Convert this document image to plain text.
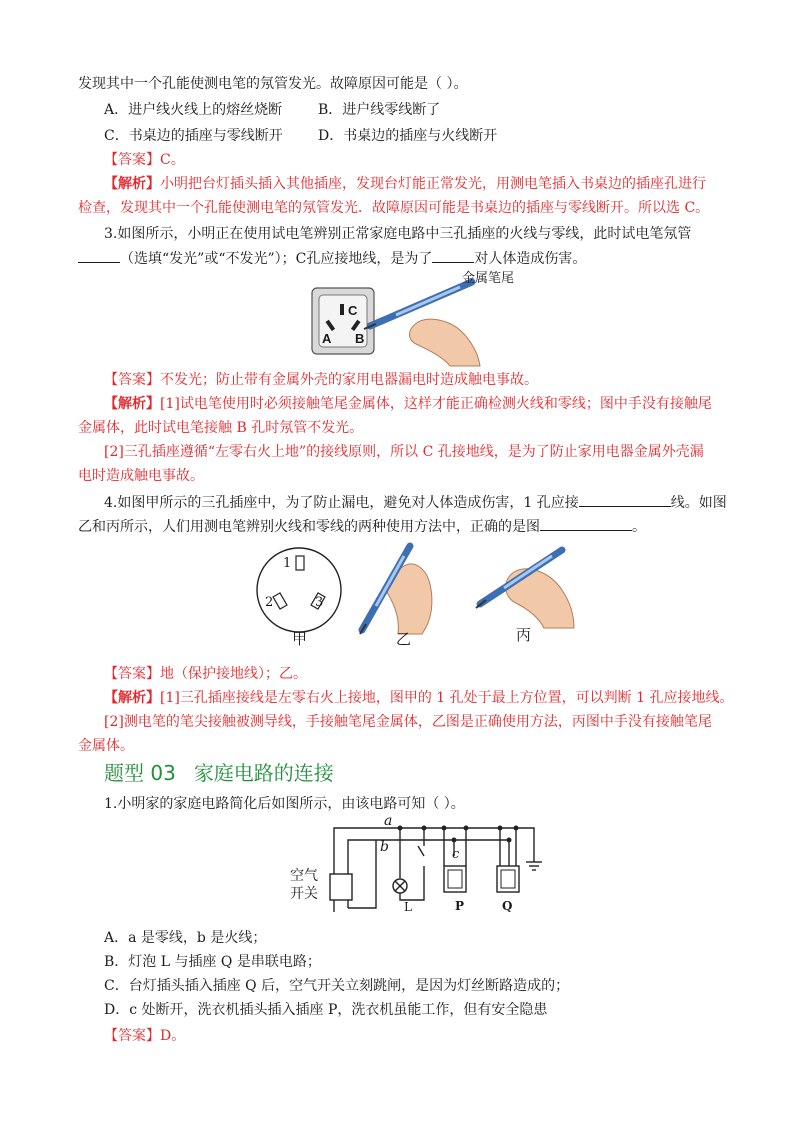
发现其中一个孔能使测电笔的氖管发光。故障原因可能是（ ）。
A．进户线火线上的熔丝烧断	B．进户线零线断了
C．书桌边的插座与零线断开	D．书桌边的插座与火线断开
【答案】C。
【解析】小明把台灯插头插入其他插座，发现台灯能正常发光，用测电笔插入书桌边的插座孔进行
检查，发现其中一个孔能使测电笔的氖管发光．故障原因可能是书桌边的插座与零线断开。所以选 C。
3.如图所示，小明正在使用试电笔辨别正常家庭电路中三孔插座的火线与零线，此时试电笔氖管
（选填“发光”或“不发光”）；C孔应接地线，是为了	对人体造成伤害。
金属笔尾
C
A B
【答案】不发光；防止带有金属外壳的家用电器漏电时造成触电事故。
【解析】[1]试电笔使用时必须接触笔尾金属体，这样才能正确检测火线和零线；图中手没有接触尾
金属体，此时试电笔接触 B 孔时氖管不发光。
[2]三孔插座遵循“左零右火上地”的接线原则，所以 C 孔接地线，是为了防止家用电器金属外壳漏
电时造成触电事故。
4.如图甲所示的三孔插座中，为了防止漏电，避免对人体造成伤害，1 孔应接	线。如图
乙和丙所示，人们用测电笔辨别火线和零线的两种使用方法中，正确的是图	。
1
2	3
甲	乙	丙
【答案】地（保护接地线）；乙。
【解析】[1]三孔插座接线是左零右火上接地，图甲的 1 孔处于最上方位置，可以判断 1 孔应接地线。
[2]测电笔的笔尖接触被测导线，手接触笔尾金属体，乙图是正确使用方法，丙图中手没有接触笔尾
金属体。
题型 03 家庭电路的连接
1.小明家的家庭电路简化后如图所示，由该电路可知（ ）。
a
b	c
空气
开关
L	P	Q
A．a 是零线，b 是火线；
B．灯泡 L 与插座 Q 是串联电路；
C．台灯插头插入插座 Q 后，空气开关立刻跳闸，是因为灯丝断路造成的；
D．c 处断开，洗衣机插头插入插座 P，洗衣机虽能工作，但有安全隐患
【答案】D。
